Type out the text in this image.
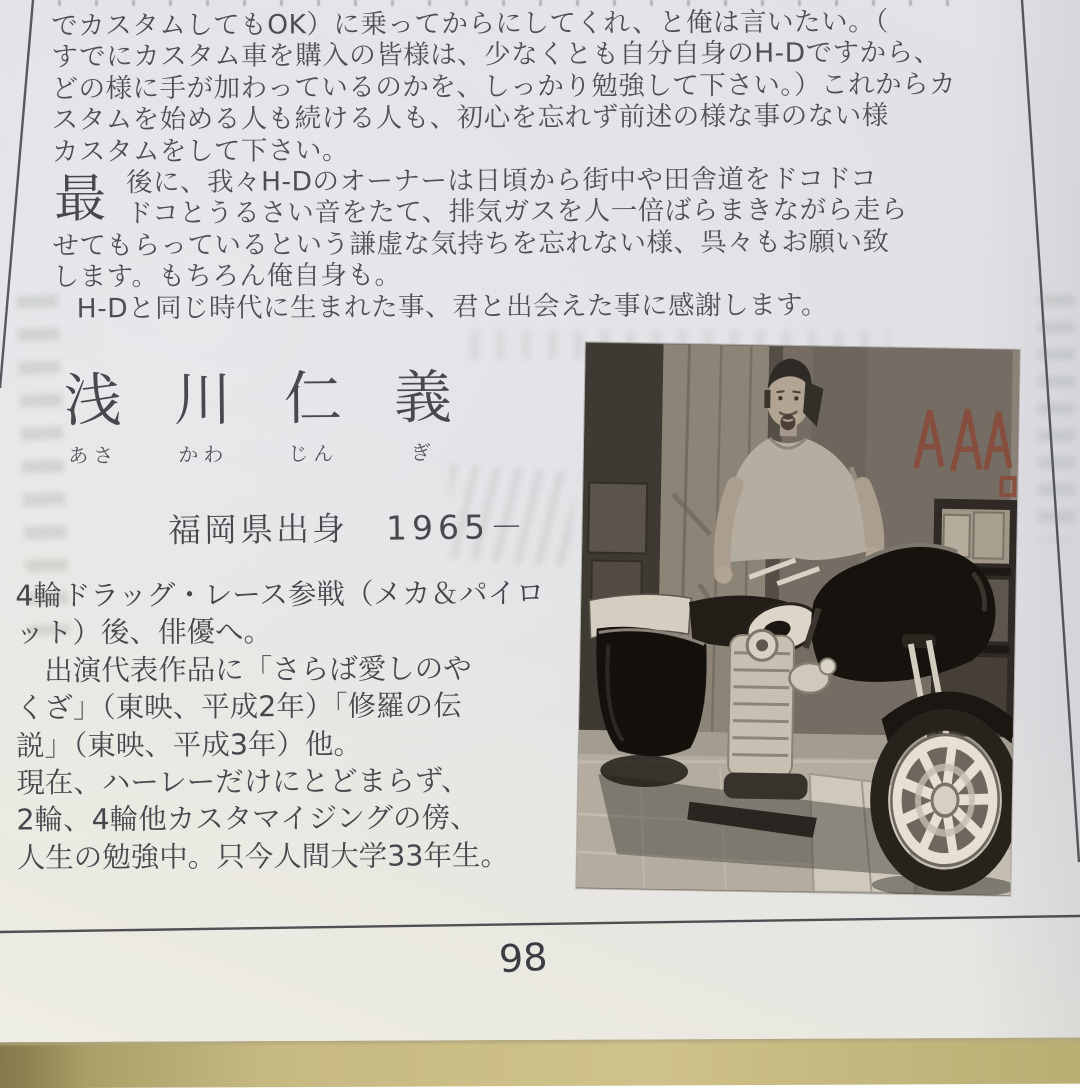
でカスタムしてもOK）に乗ってからにしてくれ、と俺は言いたい。（
すでにカスタム車を購入の皆様は、少なくとも自分自身のH-Dですから、
どの様に手が加わっているのかを、しっかり勉強して下さい。）これからカ
スタムを始める人も続ける人も、初心を忘れず前述の様な事のない様
カスタムをして下さい。
最 後に、我々H-Dのオーナーは日頃から街中や田舎道をドコドコ
ドコとうるさい音をたて、排気ガスを人一倍ばらまきながら走ら
せてもらっているという謙虚な気持ちを忘れない様、呉々もお願い致
します。もちろん俺自身も。
H-Dと同じ時代に生まれた事、君と出会えた事に感謝します。
浅
あさ
川
かわ
仁
じん
義
ぎ
福岡県出身 1965－
4輪ドラッグ・レース参戦（メカ＆パイロ
ット）後、俳優へ。
　出演代表作品に「さらば愛しのや
くざ」（東映、平成2年）「修羅の伝
説」（東映、平成3年）他。
現在、ハーレーだけにとどまらず、
2輪、4輪他カスタマイジングの傍、
人生の勉強中。只今人間大学33年生。
98
